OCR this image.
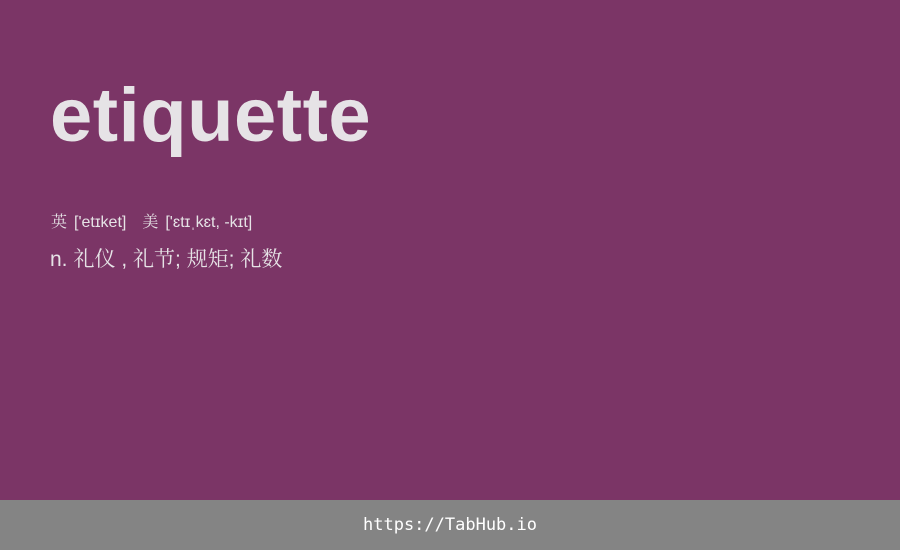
etiquette
英 ['etɪket] 美 ['ɛtɪˌkɛt, -kɪt]
n. 礼仪 , 礼节; 规矩; 礼数
https://TabHub.io
